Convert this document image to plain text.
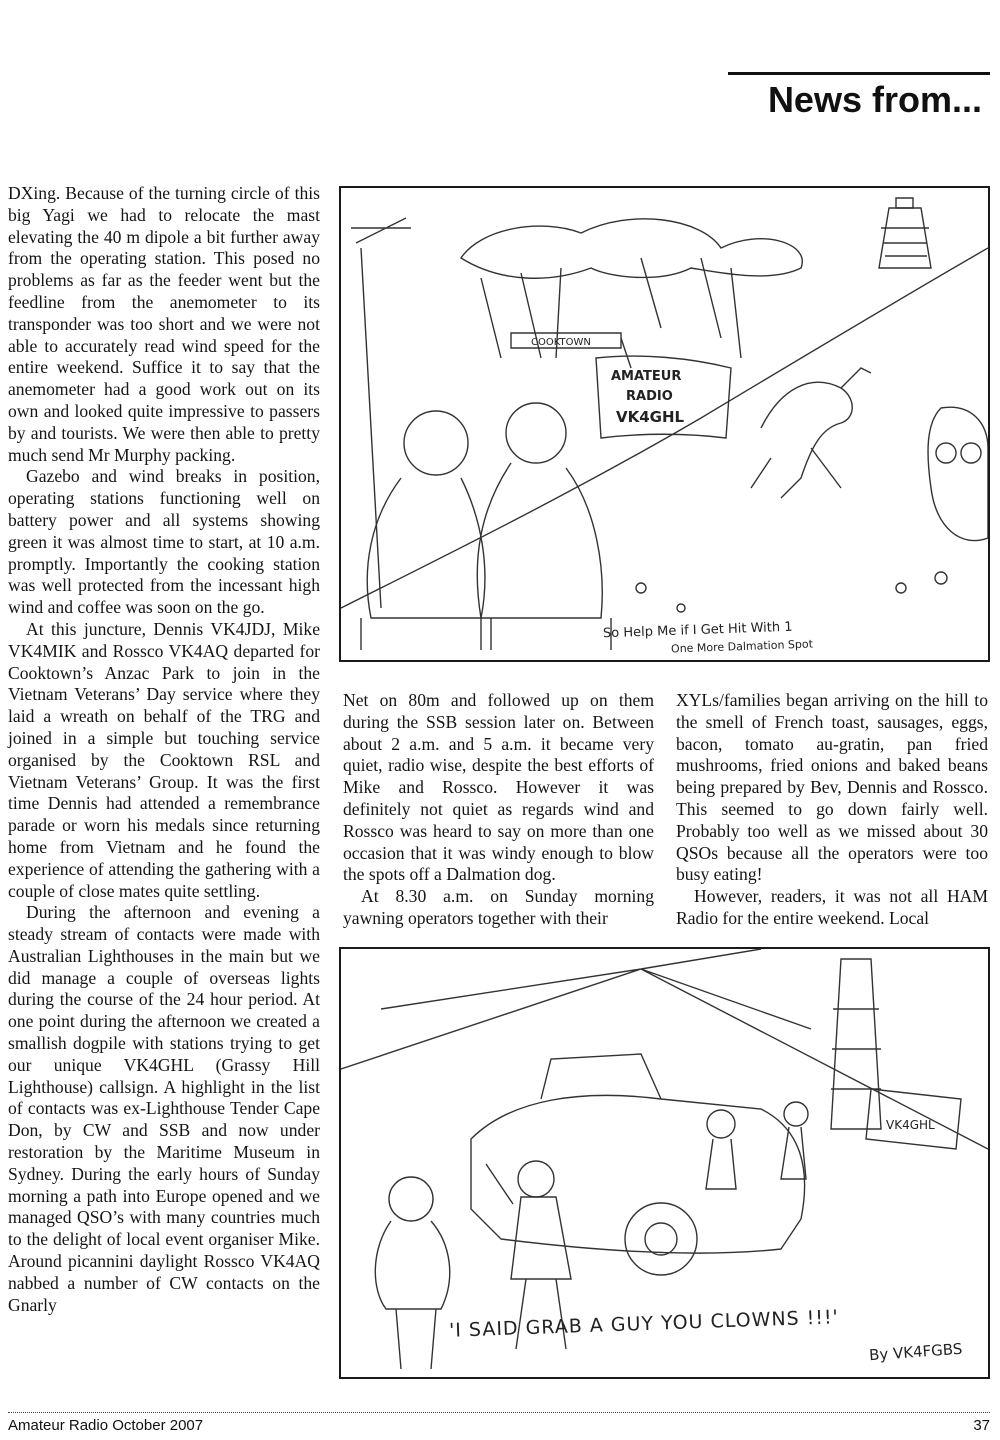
News from...

DXing. Because of the turning circle of this big Yagi we had to relocate the mast elevating the 40 m dipole a bit further away from the operating station. This posed no problems as far as the feeder went but the feedline from the anemometer to its transponder was too short and we were not able to accurately read wind speed for the entire weekend. Suffice it to say that the anemometer had a good work out on its own and looked quite impressive to passers by and tourists. We were then able to pretty much send Mr Murphy packing.

Gazebo and wind breaks in position, operating stations functioning well on battery power and all systems showing green it was almost time to start, at 10 a.m. promptly. Importantly the cooking station was well protected from the incessant high wind and coffee was soon on the go.

At this juncture, Dennis VK4JDJ, Mike VK4MIK and Rossco VK4AQ departed for Cooktown’s Anzac Park to join in the Vietnam Veterans’ Day service where they laid a wreath on behalf of the TRG and joined in a simple but touching service organised by the Cooktown RSL and Vietnam Veterans’ Group. It was the first time Dennis had attended a remembrance parade or worn his medals since returning home from Vietnam and he found the experience of attending the gathering with a couple of close mates quite settling.

During the afternoon and evening a steady stream of contacts were made with Australian Lighthouses in the main but we did manage a couple of overseas lights during the course of the 24 hour period. At one point during the afternoon we created a smallish dogpile with stations trying to get our unique VK4GHL (Grassy Hill Lighthouse) callsign. A highlight in the list of contacts was ex-Lighthouse Tender Cape Don, by CW and SSB and now under restoration by the Maritime Museum in Sydney. During the early hours of Sunday morning a path into Europe opened and we managed QSO’s with many countries much to the delight of local event organiser Mike. Around picannini daylight Rossco VK4AQ nabbed a number of CW contacts on the Gnarly

COOKTOWN
AMATEUR
RADIO
VK4GHL
So Help Me if I Get Hit With 1
One More Dalmation Spot

Net on 80m and followed up on them during the SSB session later on. Between about 2 a.m. and 5 a.m. it became very quiet, radio wise, despite the best efforts of Mike and Rossco. However it was definitely not quiet as regards wind and Rossco was heard to say on more than one occasion that it was windy enough to blow the spots off a Dalmation dog.

At 8.30 a.m. on Sunday morning yawning operators together with their

XYLs/families began arriving on the hill to the smell of French toast, sausages, eggs, bacon, tomato au-gratin, pan fried mushrooms, fried onions and baked beans being prepared by Bev, Dennis and Rossco. This seemed to go down fairly well. Probably too well as we missed about 30 QSOs because all the operators were too busy eating!

However, readers, it was not all HAM Radio for the entire weekend. Local

VK4GHL
'I SAID GRAB A GUY YOU CLOWNS !!!'
By VK4FGBS
Amateur Radio October 2007	37
